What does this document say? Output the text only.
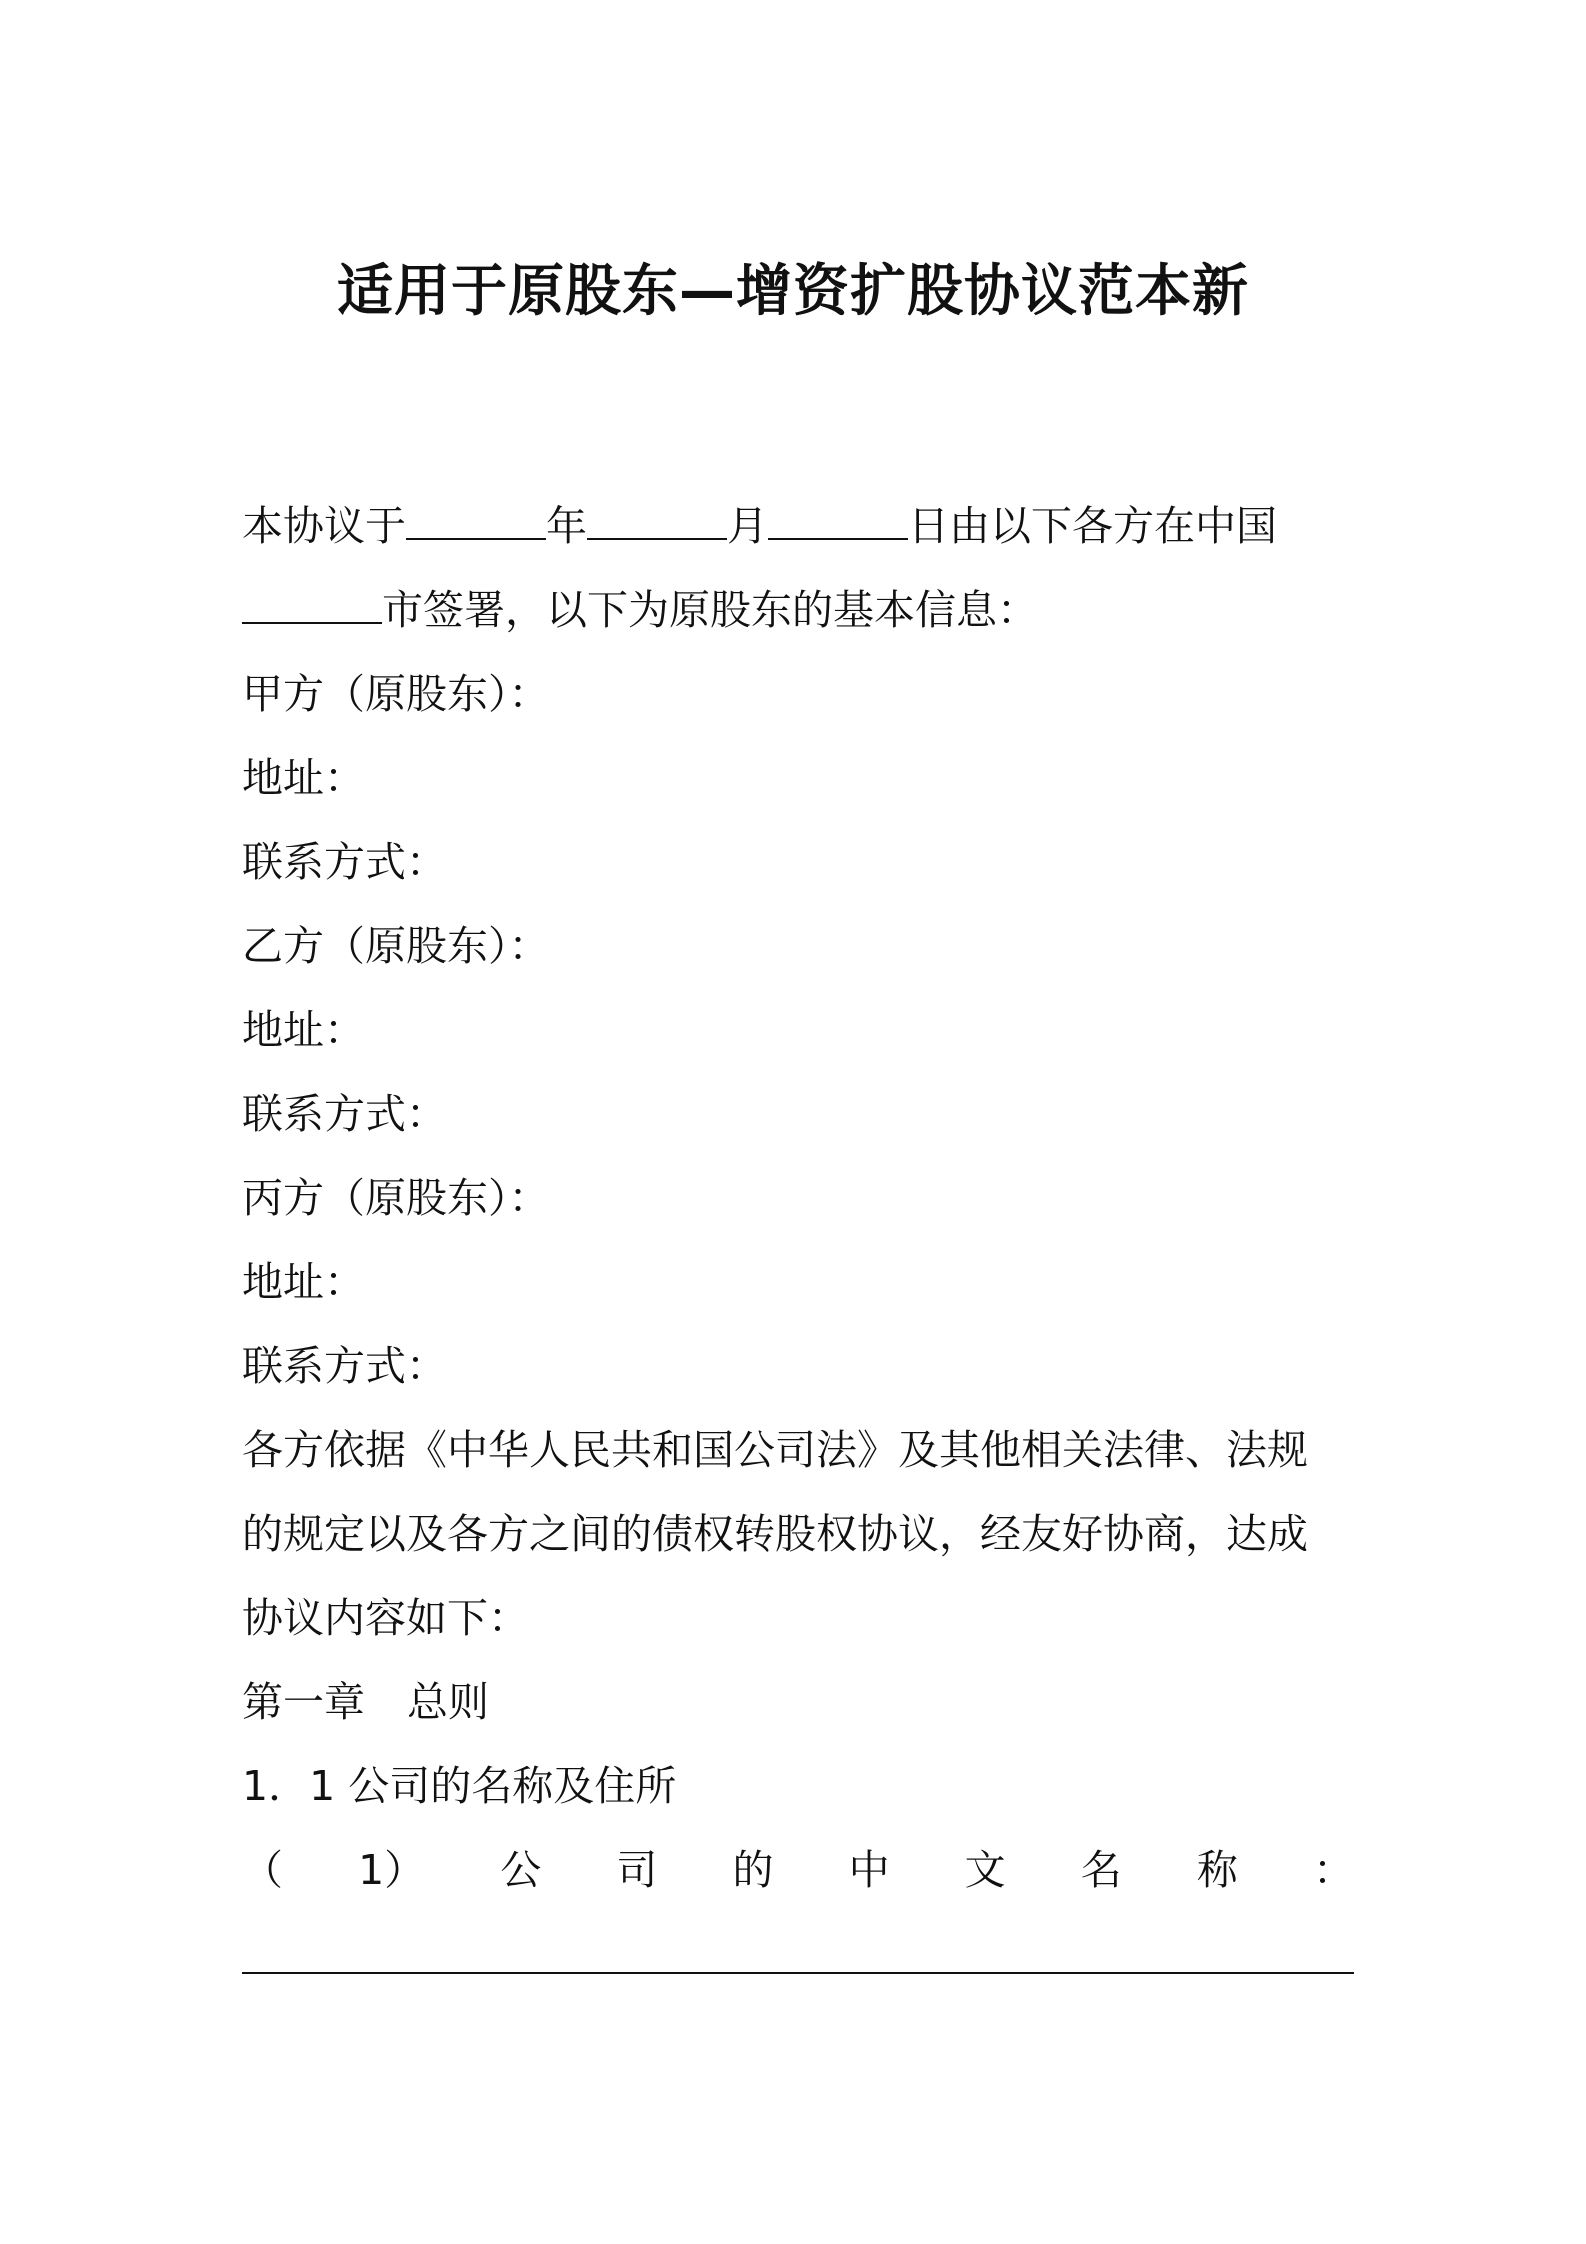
适用于原股东—增资扩股协议范本新
本协议于	年	月	日由以下各方在中国
市签署，以下为原股东的基本信息：
甲方（原股东）：
地址：
联系方式：
乙方（原股东）：
地址：
联系方式：
丙方（原股东）：
地址：
联系方式：
各方依据《中华人民共和国公司法》及其他相关法律、法规
的规定以及各方之间的债权转股权协议，经友好协商，达成
协议内容如下：
第一章 总则
1．1 公司的名称及住所
（ 1） 公 司 的 中 文 名 称 ：
